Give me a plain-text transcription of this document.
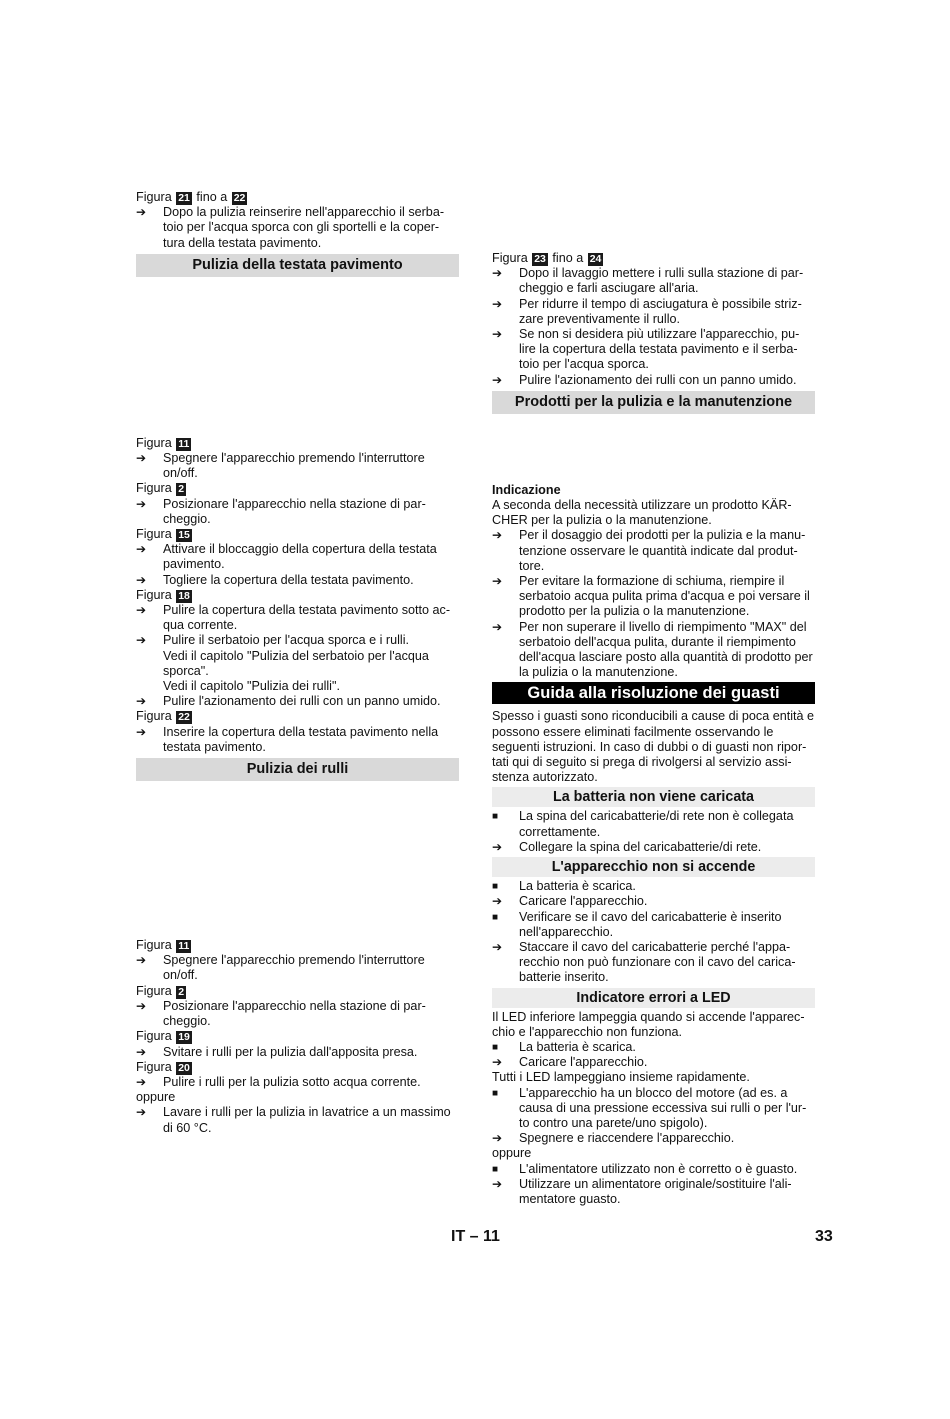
Figura 21 fino a 22

➔	Dopo la pulizia reinserire nell'apparecchio il serba-toio per l'acqua sporca con gli sportelli e la coper-tura della testata pavimento.
Pulizia della testata pavimento

Figura 11

➔	Spegnere l'apparecchio premendo l'interruttore on/off.

Figura 2

➔	Posizionare l'apparecchio nella stazione di par-cheggio.

Figura 15

➔	Attivare il bloccaggio della copertura della testata pavimento.
➔	Togliere la copertura della testata pavimento.

Figura 18

➔	Pulire la copertura della testata pavimento sotto ac-qua corrente.
➔	Pulire il serbatoio per l'acqua sporca e i rulli.
Vedi il capitolo "Pulizia del serbatoio per l'acqua sporca".
Vedi il capitolo "Pulizia dei rulli".
➔	Pulire l'azionamento dei rulli con un panno umido.

Figura 22

➔	Inserire la copertura della testata pavimento nella testata pavimento.
Pulizia dei rulli

Figura 11

➔	Spegnere l'apparecchio premendo l'interruttore on/off.

Figura 2

➔	Posizionare l'apparecchio nella stazione di par-cheggio.

Figura 19

➔	Svitare i rulli per la pulizia dall'apposita presa.

Figura 20

➔	Pulire i rulli per la pulizia sotto acqua corrente.

oppure

➔	Lavare i rulli per la pulizia in lavatrice a un massimo di 60 °C.

Figura 23 fino a 24

➔	Dopo il lavaggio mettere i rulli sulla stazione di par-cheggio e farli asciugare all'aria.
➔	Per ridurre il tempo di asciugatura è possibile striz-zare preventivamente il rullo.
➔	Se non si desidera più utilizzare l'apparecchio, pu-lire la copertura della testata pavimento e il serba-toio per l'acqua sporca.
➔	Pulire l'azionamento dei rulli con un panno umido.
Prodotti per la pulizia e la manutenzione

Indicazione

A seconda della necessità utilizzare un prodotto KÄR-CHER per la pulizia o la manutenzione.

➔	Per il dosaggio dei prodotti per la pulizia e la manu-tenzione osservare le quantità indicate dal produt-tore.
➔	Per evitare la formazione di schiuma, riempire il serbatoio acqua pulita prima d'acqua e poi versare il prodotto per la pulizia o la manutenzione.
➔	Per non superare il livello di riempimento "MAX" del serbatoio dell'acqua pulita, durante il riempimento dell'acqua lasciare posto alla quantità di prodotto per la pulizia o la manutenzione.
Guida alla risoluzione dei guasti

Spesso i guasti sono riconducibili a cause di poca entità e possono essere eliminati facilmente osservando le seguenti istruzioni. In caso di dubbi o di guasti non ripor-tati qui di seguito si prega di rivolgersi al servizio assi-stenza autorizzato.

La batteria non viene caricata
■	La spina del caricabatterie/di rete non è collegata correttamente.
➔	Collegare la spina del caricabatterie/di rete.
L'apparecchio non si accende
■	La batteria è scarica.
➔	Caricare l'apparecchio.
■	Verificare se il cavo del caricabatterie è inserito nell'apparecchio.
➔	Staccare il cavo del caricabatterie perché l'appa-recchio non può funzionare con il cavo del carica-batterie inserito.
Indicatore errori a LED

Il LED inferiore lampeggia quando si accende l'apparec-chio e l'apparecchio non funziona.

■	La batteria è scarica.
➔	Caricare l'apparecchio.

Tutti i LED lampeggiano insieme rapidamente.

■	L'apparecchio ha un blocco del motore (ad es. a causa di una pressione eccessiva sui rulli o per l'ur-to contro una parete/uno spigolo).
➔	Spegnere e riaccendere l'apparecchio.

oppure

■	L'alimentatore utilizzato non è corretto o è guasto.
➔	Utilizzare un alimentatore originale/sostituire l'ali-mentatore guasto.
IT – 11	33
